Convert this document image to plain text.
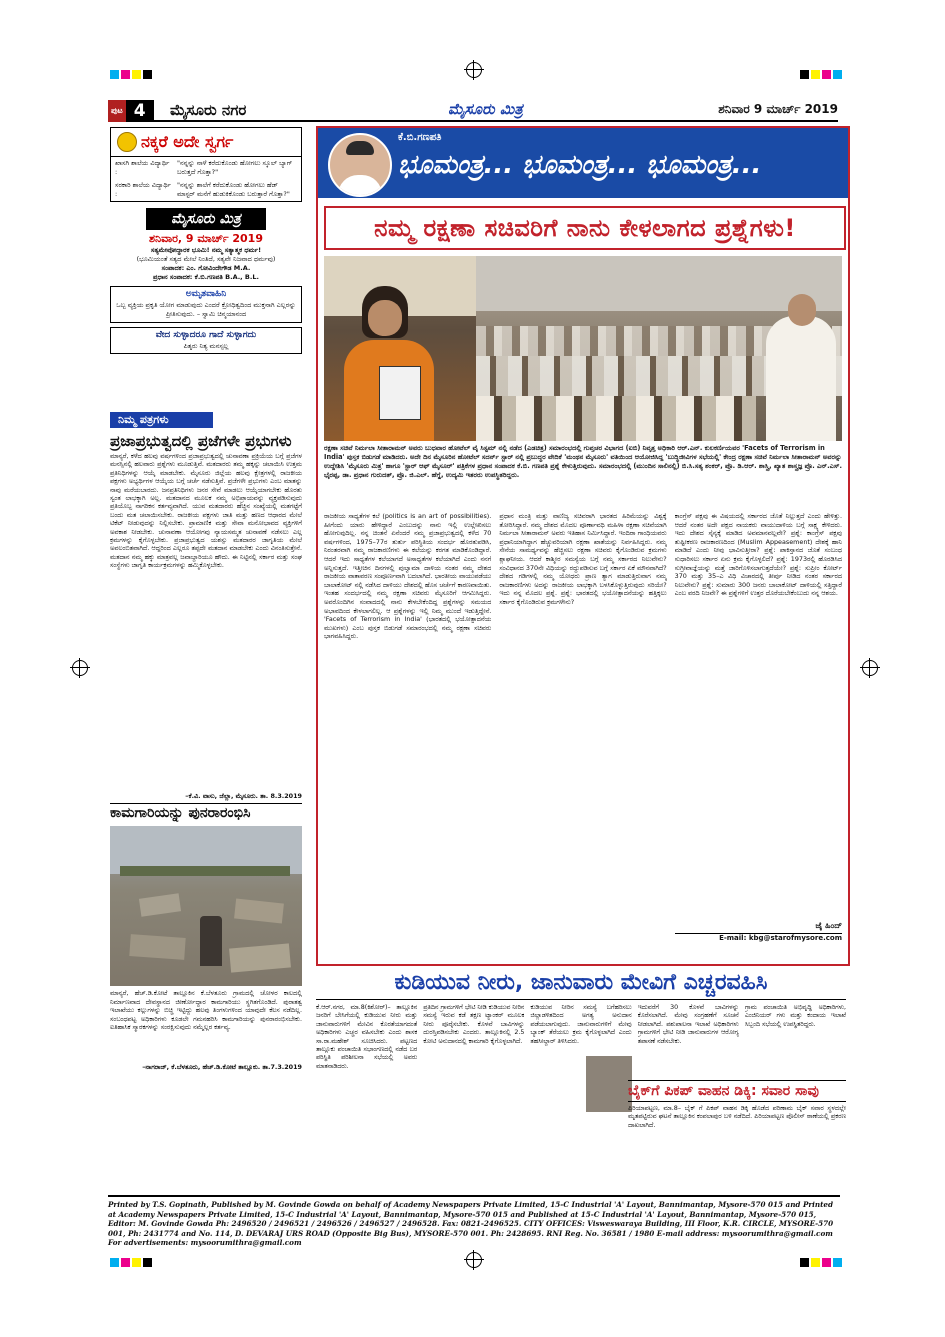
ಪುಟ 4	ಮೈಸೂರು ನಗರ	ಮೈಸೂರು ಮಿತ್ರ	ಶನಿವಾರ 9 ಮಾರ್ಚ್ 2019
ನಕ್ಕರೆ ಅದೇ ಸ್ವರ್ಗ
ಖಾಸಗಿ ಶಾಲೆಯ ವಿದ್ಯಾರ್ಥಿ :
"ನನ್ನನ್ನು ನಾಳೆ ಕರೆದುಕೊಂಡು ಹೋಗಲು ಸ್ಕೂಲ್ ಬ್ಯಾಗ್ ಬರುತ್ತದೆ ಗೊತ್ತಾ?"
ಸರಕಾರಿ ಶಾಲೆಯ ವಿದ್ಯಾರ್ಥಿ :
"ನನ್ನನ್ನು ಶಾಲೆಗೆ ಕರೆದುಕೊಂಡು ಹೋಗಲು ಹೆಡ್ ಮಾಸ್ಟರ್ ಮನೆಗೆ ಹುಡುಕಿಕೊಂಡು ಬರುತ್ತಾರೆ ಗೊತ್ತಾ?"
ಮೈಸೂರು ಮಿತ್ರ
ಶನಿವಾರ, 9 ಮಾರ್ಚ್ 2019
ಸತ್ಯಮೇವೋದ್ಧಾರಕ ಭೂಮಿ! ನಮ್ಮ ಸತ್ಯಾತ್ಮಕ ಧರ್ಮ!
(ಭೂಮಿಯಂತೆ ಸತ್ಯದ ಮೇಲೆ ನಿಂತಿದೆ, ಸತ್ಯವೇ ನಿಜವಾದ ಧರ್ಮವು)
ಸಂಪಾದಕ: ಎಂ. ಗೋವಿಂದೇಗೌಡ M.A.
ಪ್ರಧಾನ ಸಂಪಾದಕ: ಕೆ.ಬಿ.ಗಣಪತಿ B.A., B.L.
ಅಮೃತವಾಹಿನಿ
ಒಬ್ಬ ವ್ಯಕ್ತಿಯ ಪ್ರಕೃತಿ ಯೋಗ ಮಾಡುವುದು ಎಂದರೆ ಕ್ರೋಧಿತ್ವದಿಂದ ಮುಕ್ತನಾಗಿ ಎಲ್ಲರನ್ನು ಪ್ರೀತಿಸುವುದು. – ಸ್ವಾಮಿ ಚಿನ್ಮಯಾನಂದ
ವೇದ ಸುಳ್ಳಾದರೂ ಗಾದೆ ಸುಳ್ಳಾಗದು
ಪಿತೃರು ನಿತ್ಯ ಮನಸ್ಸಲ್ಲ
ನಿಮ್ಮ ಪತ್ರಗಳು
ಪ್ರಜಾಪ್ರಭುತ್ವದಲ್ಲಿ ಪ್ರಜೆಗಳೇ ಪ್ರಭುಗಳು
ಮಾನ್ಯರೆ, ಕಳೆದ ಹಲವು ವರ್ಷಗಳಿಂದ ಪ್ರಜಾಪ್ರಭುತ್ವದಲ್ಲಿ ಚುನಾವಣಾ ಪ್ರಕ್ರಿಯೆಯ ಬಗ್ಗೆ ಪ್ರಜೆಗಳ ಮನಸ್ಸಿನಲ್ಲಿ ಹಲವಾರು ಪ್ರಶ್ನೆಗಳು ಮೂಡುತ್ತಿವೆ. ಮತದಾರರು ತಮ್ಮ ಹಕ್ಕನ್ನು ಚಲಾಯಿಸಿ ಉತ್ತಮ ಪ್ರತಿನಿಧಿಗಳನ್ನು ಆಯ್ಕೆ ಮಾಡಬೇಕು. ಮೈಸೂರು ಜಿಲ್ಲೆಯ ಹಲವು ಕ್ಷೇತ್ರಗಳಲ್ಲಿ ರಾಜಕೀಯ ಪಕ್ಷಗಳು ಅಭ್ಯರ್ಥಿಗಳ ಆಯ್ಕೆಯ ಬಗ್ಗೆ ಚರ್ಚೆ ನಡೆಸುತ್ತಿವೆ. ಪ್ರಜೆಗಳೇ ಪ್ರಭುಗಳು ಎಂಬ ಮಾತನ್ನು ನಾವು ಮರೆಯಬಾರದು. ಜನಪ್ರತಿನಿಧಿಗಳು ಜನರ ಸೇವೆ ಮಾಡಲು ಆಯ್ಕೆಯಾಗಬೇಕು ಹೊರತು ಸ್ವಂತ ಲಾಭಕ್ಕಾಗಿ ಅಲ್ಲ. ಮತದಾನದ ಮೂಲಕ ನಮ್ಮ ಅಭಿಪ್ರಾಯವನ್ನು ವ್ಯಕ್ತಪಡಿಸುವುದು ಪ್ರತಿಯೊಬ್ಬ ನಾಗರಿಕನ ಕರ್ತವ್ಯವಾಗಿದೆ. ಯುವ ಮತದಾರರು ಹೆಚ್ಚಿನ ಸಂಖ್ಯೆಯಲ್ಲಿ ಮತಗಟ್ಟೆಗೆ ಬಂದು ಮತ ಚಲಾಯಿಸಬೇಕು. ರಾಜಕೀಯ ಪಕ್ಷಗಳು ಜಾತಿ ಮತ್ತು ಹಣದ ಆಧಾರದ ಮೇಲೆ ಟಿಕೆಟ್ ನೀಡುವುದನ್ನು ನಿಲ್ಲಿಸಬೇಕು. ಪ್ರಾಮಾಣಿಕ ಮತ್ತು ಸೇವಾ ಮನೋಭಾವದ ವ್ಯಕ್ತಿಗಳಿಗೆ ಅವಕಾಶ ನೀಡಬೇಕು. ಚುನಾವಣಾ ಆಯೋಗವು ನ್ಯಾಯಸಮ್ಮತ ಚುನಾವಣೆ ನಡೆಸಲು ಎಲ್ಲ ಕ್ರಮಗಳನ್ನು ಕೈಗೊಳ್ಳಬೇಕು. ಪ್ರಜಾಪ್ರಭುತ್ವದ ಯಶಸ್ಸು ಮತದಾರರ ಜಾಗೃತಿಯ ಮೇಲೆ ಅವಲಂಬಿತವಾಗಿದೆ. ಆದ್ದರಿಂದ ಎಲ್ಲರೂ ತಪ್ಪದೇ ಮತದಾನ ಮಾಡಬೇಕು ಎಂದು ವಿನಂತಿಸುತ್ತೇನೆ. ಮತದಾನ ನಮ್ಮ ಹಕ್ಕು ಮಾತ್ರವಲ್ಲ ಜವಾಬ್ದಾರಿಯೂ ಹೌದು. ಈ ನಿಟ್ಟಿನಲ್ಲಿ ಸರ್ಕಾರ ಮತ್ತು ಸಂಘ ಸಂಸ್ಥೆಗಳು ಜಾಗೃತಿ ಕಾರ್ಯಕ್ರಮಗಳನ್ನು ಹಮ್ಮಿಕೊಳ್ಳಬೇಕು.
–ಕೆ.ವಿ. ವಾಸು, ಜೆಲ್ಲಾ, ಮೈಸೂರು. ತಾ. 8.3.2019
ಕಾಮಗಾರಿಯನ್ನು ಪುನರಾರಂಭಿಸಿ
ಮಾನ್ಯರೆ, ಹೆಚ್.ಡಿ.ಕೋಟೆ ತಾಲ್ಲೂಕಿನ ಕೆ.ಬೆಳತೂರು ಗ್ರಾಮದಲ್ಲಿ ಚೋಳರ ಕಾಲದಲ್ಲಿ ನಿರ್ಮಾಣವಾದ ದೇವಸ್ಥಾನದ ಜೀರ್ಣೋದ್ಧಾರ ಕಾಮಗಾರಿಯು ಸ್ಥಗಿತಗೊಂಡಿದೆ. ಪುರಾತತ್ವ ಇಲಾಖೆಯು ಕಲ್ಲುಗಳನ್ನು ಬಿಚ್ಚಿ ಇಟ್ಟಿದ್ದು ಹಲವು ತಿಂಗಳುಗಳಿಂದ ಯಾವುದೇ ಕೆಲಸ ನಡೆದಿಲ್ಲ. ಸಂಬಂಧಪಟ್ಟ ಅಧಿಕಾರಿಗಳು ಕೂಡಲೇ ಗಮನಹರಿಸಿ ಕಾಮಗಾರಿಯನ್ನು ಪುನರಾರಂಭಿಸಬೇಕು. ಐತಿಹಾಸಿಕ ಸ್ಮಾರಕಗಳನ್ನು ಸಂರಕ್ಷಿಸುವುದು ನಮ್ಮೆಲ್ಲರ ಕರ್ತವ್ಯ.
–ನಾಗರಾಜ್, ಕೆ.ಬೆಳತೂರು, ಹೆಚ್.ಡಿ.ಕೋಟೆ ತಾಲ್ಲೂಕು. ತಾ.7.3.2019
ಕೆ.ಬಿ.ಗಣಪತಿ
ಭೂಮಂತ್ರ... ಭೂಮಂತ್ರ... ಭೂಮಂತ್ರ...
ನಮ್ಮ ರಕ್ಷಣಾ ಸಚಿವರಿಗೆ ನಾನು ಕೇಳಲಾಗದ ಪ್ರಶ್ನೆಗಳು!
ರಕ್ಷಣಾ ಸಚಿವೆ ನಿರ್ಮಲಾ ಸೀತಾರಾಮನ್ ಅವರು ಬುಧವಾರ ಹೋಟೆಲ್ ವೈ ಸಿಸ್ಟಮ್ ನಲ್ಲಿ ನಡೆದ (ಎಡಚಿತ್ರ) ಸಮಾರಂಭದಲ್ಲಿ ಗುಪ್ತಚರ ವಿಭಾಗದ (ಐಬಿ) ನಿವೃತ್ತ ಅಧಿಕಾರಿ ಆರ್.ಎನ್. ಕುಲಕರ್ಣಿಯವರ 'Facets of Terrorism in India' ಪುಸ್ತಕ ಬಿಡುಗಡೆ ಮಾಡಿದರು. ಅದೇ ದಿನ ಮೈಸೂರಿನ ಹೋಟೆಲ್ ಸದರ್ನ್ ಸ್ಟಾರ್ ನಲ್ಲಿ ಪ್ರಬುದ್ಧರ ವೇದಿಕೆ 'ಮಂಥನ ಮೈಸೂರು' ವತಿಯಿಂದ ಆಯೋಜಿಸಿದ್ದ 'ಬುದ್ಧಿಜೀವಿಗಳ ಸಭೆಯಲ್ಲಿ' ಕೇಂದ್ರ ರಕ್ಷಣಾ ಸಚಿವೆ ನಿರ್ಮಲಾ ಸೀತಾರಾಮನ್ ಅವರನ್ನು ಉದ್ದೇಶಿಸಿ 'ಮೈಸೂರು ಮಿತ್ರ' ಹಾಗೂ 'ಸ್ಟಾರ್ ಆಫ್ ಮೈಸೂರ್' ಪತ್ರಿಕೆಗಳ ಪ್ರಧಾನ ಸಂಪಾದಕ ಕೆ.ಬಿ. ಗಣಪತಿ ಪ್ರಶ್ನೆ ಕೇಳುತ್ತಿರುವುದು. ಸಮಾರಂಭದಲ್ಲಿ (ಮುಂದಿನ ಸಾಲಿನಲ್ಲಿ) ಬಿ.ಸಿ.ಸತ್ಯ ಶಂಕರ್, ಪ್ರೊ. ಡಿ.ಆರ್. ಶಾಸ್ತ್ರಿ, ಖ್ಯಾತ ಶಾಸ್ತ್ರಜ್ಞ ಪ್ರೊ. ಎನ್.ಎಸ್. ಭೈರಪ್ಪ, ಡಾ. ಪ್ರಧಾನ ಗುರುದತ್, ಪ್ರೊ. ಜಿ.ಎಲ್. ಹೆಗ್ಡೆ, ಉದ್ಯಮಿ ಇತರರು ಉಪಸ್ಥಿತರಿದ್ದರು.
ರಾಜಕೀಯ ಸಾಧ್ಯತೆಗಳ ಕಲೆ (politics is an art of possibilities). ಹೀಗೆಂದು ಯಾರು ಹೇಳಿದ್ದಾರೆ ಎಂಬುದನ್ನು ನಾನು ಇಲ್ಲಿ ಉಲ್ಲೇಖಿಸಲು ಹೋಗುವುದಿಲ್ಲ. ನನ್ನ ಚಿಂತನೆ ಏನೆಂದರೆ ನಮ್ಮ ಪ್ರಜಾಪ್ರಭುತ್ವದಲ್ಲಿ ಕಳೆದ 70 ವರ್ಷಗಳಿಂದ, 1975–77ರ ತುರ್ತು ಪರಿಸ್ಥಿತಿಯ ಸಂದರ್ಭ ಹೊರತುಪಡಿಸಿ, ನಿರಂತರವಾಗಿ ನಮ್ಮ ರಾಜಕಾರಣಿಗಳು ಈ ಕಲೆಯನ್ನು ಕರಗತ ಮಾಡಿಕೊಂಡಿದ್ದಾರೆ. ಆದರೆ ಇದು ಸಾಧ್ಯತೆಗಳ ಕಲೆಯಾಗದೆ ಅಸಾಧ್ಯತೆಗಳ ಕಲೆಯಾಗಿದೆ ಎಂದು ನನಗೆ ಅನ್ನಿಸುತ್ತದೆ. ಇತ್ತೀಚಿನ ದಿನಗಳಲ್ಲಿ ಪುಲ್ವಾಮಾ ದಾಳಿಯ ನಂತರ ನಮ್ಮ ದೇಶದ ರಾಜಕೀಯ ವಾತಾವರಣ ಸಂಪೂರ್ಣವಾಗಿ ಬದಲಾಗಿದೆ. ಭಾರತೀಯ ವಾಯುಪಡೆಯು ಬಾಲಾಕೋಟ್ ನಲ್ಲಿ ನಡೆಸಿದ ದಾಳಿಯು ದೇಶದಲ್ಲಿ ಹೊಸ ಚರ್ಚೆಗೆ ಕಾರಣವಾಯಿತು. ಇಂತಹ ಸಂದರ್ಭದಲ್ಲಿ ನಮ್ಮ ರಕ್ಷಣಾ ಸಚಿವರು ಮೈಸೂರಿಗೆ ಆಗಮಿಸಿದ್ದರು. ಅವರೊಂದಿಗಿನ ಸಂವಾದದಲ್ಲಿ ನಾನು ಕೇಳಬೇಕೆಂದಿದ್ದ ಪ್ರಶ್ನೆಗಳನ್ನು ಸಮಯದ ಅಭಾವದಿಂದ ಕೇಳಲಾಗಲಿಲ್ಲ. ಆ ಪ್ರಶ್ನೆಗಳನ್ನು ಇಲ್ಲಿ ನಿಮ್ಮ ಮುಂದೆ ಇಡುತ್ತಿದ್ದೇನೆ. 'Facets of Terrorism in India' (ಭಾರತದಲ್ಲಿ ಭಯೋತ್ಪಾದನೆಯ ಮುಖಗಳು) ಎಂಬ ಪುಸ್ತಕ ಬಿಡುಗಡೆ ಸಮಾರಂಭದಲ್ಲಿ ನಮ್ಮ ರಕ್ಷಣಾ ಸಚಿವರು ಭಾಗವಹಿಸಿದ್ದರು.
ಪ್ರಧಾನ ಮಂತ್ರಿ ಮತ್ತು ವಾಣಿಜ್ಯ ಸಚಿವರಾಗಿ ಭಾರತದ ಹಿರಿಮೆಯನ್ನು ವಿಶ್ವಕ್ಕೆ ತೋರಿಸಿದ್ದಾರೆ. ನಮ್ಮ ದೇಶದ ಮೊದಲ ಪೂರ್ಣಾವಧಿ ಮಹಿಳಾ ರಕ್ಷಣಾ ಸಚಿವೆಯಾಗಿ ನಿರ್ಮಲಾ ಸೀತಾರಾಮನ್ ಅವರು ಇತಿಹಾಸ ನಿರ್ಮಿಸಿದ್ದಾರೆ. ಇಂದಿರಾ ಗಾಂಧಿಯವರು ಪ್ರಧಾನಿಯಾಗಿದ್ದಾಗ ಹೆಚ್ಚುವರಿಯಾಗಿ ರಕ್ಷಣಾ ಖಾತೆಯನ್ನು ನಿರ್ವಹಿಸಿದ್ದರು. ನಮ್ಮ ಸೇನೆಯ ಸಾಮರ್ಥ್ಯವನ್ನು ಹೆಚ್ಚಿಸಲು ರಕ್ಷಣಾ ಸಚಿವರು ಕೈಗೊಂಡಿರುವ ಕ್ರಮಗಳು ಶ್ಲಾಘನೀಯ. ಆದರೆ ಕಾಶ್ಮೀರ ಸಮಸ್ಯೆಯ ಬಗ್ಗೆ ನಮ್ಮ ಸರ್ಕಾರದ ನಿಲುವೇನು? ಸಂವಿಧಾನದ 370ನೇ ವಿಧಿಯನ್ನು ರದ್ದುಪಡಿಸುವ ಬಗ್ಗೆ ಸರ್ಕಾರ ಏಕೆ ಮೌನವಾಗಿದೆ? ದೇಶದ ಗಡಿಗಳಲ್ಲಿ ನಮ್ಮ ಯೋಧರು ಪ್ರಾಣ ತ್ಯಾಗ ಮಾಡುತ್ತಿರುವಾಗ ನಮ್ಮ ರಾಜಕಾರಣಿಗಳು ಅದನ್ನು ರಾಜಕೀಯ ಲಾಭಕ್ಕಾಗಿ ಬಳಸಿಕೊಳ್ಳುತ್ತಿರುವುದು ಸರಿಯೇ? ಇದು ನನ್ನ ಮೊದಲ ಪ್ರಶ್ನೆ. ಪ್ರಶ್ನೆ: ಭಾರತದಲ್ಲಿ ಭಯೋತ್ಪಾದನೆಯನ್ನು ಹತ್ತಿಕ್ಕಲು ಸರ್ಕಾರ ಕೈಗೊಂಡಿರುವ ಕ್ರಮಗಳೇನು?
ಕಾಂಗ್ರೆಸ್ ಪಕ್ಷವು ಈ ವಿಷಯದಲ್ಲಿ ಸರ್ಕಾರದ ಜೊತೆ ನಿಲ್ಲುತ್ತದೆ ಎಂದು ಹೇಳಿತ್ತು. ಆದರೆ ನಂತರ ಅದೇ ಪಕ್ಷದ ನಾಯಕರು ವಾಯುದಾಳಿಯ ಬಗ್ಗೆ ಸಾಕ್ಷ್ಯ ಕೇಳಿದರು. ಇದು ದೇಶದ ಸೈನ್ಯಕ್ಕೆ ಮಾಡಿದ ಅವಮಾನವಲ್ಲವೇ? ಪ್ರಶ್ನೆ: ಕಾಂಗ್ರೆಸ್ ಪಕ್ಷವು ತುಷ್ಟೀಕರಣ ರಾಜಕಾರಣದಿಂದ (Muslim Appeasement) ದೇಶಕ್ಕೆ ಹಾನಿ ಮಾಡಿದೆ ಎಂದು ನೀವು ಭಾವಿಸುತ್ತೀರಾ? ಪ್ರಶ್ನೆ: ಪಾಕಿಸ್ತಾನದ ಜೊತೆ ಸಂಬಂಧ ಸುಧಾರಿಸಲು ಸರ್ಕಾರ ಏನು ಕ್ರಮ ಕೈಗೊಳ್ಳಲಿದೆ? ಪ್ರಶ್ನೆ: 1973ರಲ್ಲಿ ಹೊರಡಿಸಿದ ಸುಗ್ರೀವಾಜ್ಞೆಯನ್ನು ಮತ್ತೆ ಜಾರಿಗೊಳಿಸಲಾಗುತ್ತದೆಯೇ? ಪ್ರಶ್ನೆ: ಸುಪ್ರೀಂ ಕೋರ್ಟ್ 370 ಮತ್ತು 35–ಎ ವಿಧಿ ವಿಚಾರದಲ್ಲಿ ತೀರ್ಪು ನೀಡಿದ ನಂತರ ಸರ್ಕಾರದ ನಿಲುವೇನು? ಪ್ರಶ್ನೆ: ಸುಮಾರು 300 ಜನರು ಬಾಲಾಕೋಟ್ ದಾಳಿಯಲ್ಲಿ ಸತ್ತಿದ್ದಾರೆ ಎಂಬ ವರದಿ ನಿಜವೇ? ಈ ಪ್ರಶ್ನೆಗಳಿಗೆ ಉತ್ತರ ದೊರೆಯಬೇಕೆಂಬುದು ನನ್ನ ಆಶಯ.
ಜೈ ಹಿಂದ್
E-mail: kbg@starofmysore.com
ಕುಡಿಯುವ ನೀರು, ಜಾನುವಾರು ಮೇವಿಗೆ ಎಚ್ಚರವಹಿಸಿ
ಕೆ.ಆರ್.ನಗರ, ಮಾ.8(ಕಿಶೋರ್)– ತಾಲ್ಲೂಕಿನ ಜನರಿಗೆ ಬೇಸಿಗೆಯಲ್ಲಿ ಕುಡಿಯುವ ನೀರು ಮತ್ತು ಜಾನುವಾರುಗಳಿಗೆ ಮೇವಿನ ಕೊರತೆಯಾಗದಂತೆ ಅಧಿಕಾರಿಗಳು ಎಚ್ಚರ ವಹಿಸಬೇಕು ಎಂದು ಶಾಸಕ ಸಾ.ರಾ.ಮಹೇಶ್ ಸೂಚಿಸಿದರು. ಪಟ್ಟಣದ ತಾಲ್ಲೂಕು ಪಂಚಾಯಿತಿ ಸಭಾಂಗಣದಲ್ಲಿ ನಡೆದ ಬರ ಪರಿಸ್ಥಿತಿ ಪರಿಶೀಲನಾ ಸಭೆಯಲ್ಲಿ ಅವರು ಮಾತನಾಡಿದರು.
ಪ್ರತಿದಿನ ಗ್ರಾಮಗಳಿಗೆ ಭೇಟಿ ನೀಡಿ ಕುಡಿಯುವ ನೀರಿನ ಸಮಸ್ಯೆ ಇರುವ ಕಡೆ ತಕ್ಷಣ ಟ್ಯಾಂಕರ್ ಮೂಲಕ ನೀರು ಪೂರೈಸಬೇಕು. ಕೊಳವೆ ಬಾವಿಗಳನ್ನು ದುರಸ್ತಿಪಡಿಸಬೇಕು ಎಂದರು. ತಾಲ್ಲೂಕಿನಲ್ಲಿ 2.5 ಕೋಟಿ ಅನುದಾನದಲ್ಲಿ ಕಾಮಗಾರಿ ಕೈಗೊಳ್ಳಲಾಗಿದೆ.
ಕುಡಿಯುವ ನೀರಿನ ಸಮಸ್ಯೆ ಬಗೆಹರಿಸಲು ಜಿಲ್ಲಾಡಳಿತದಿಂದ ಅಗತ್ಯ ಅನುದಾನ ಪಡೆಯಲಾಗುವುದು. ಜಾನುವಾರುಗಳಿಗೆ ಮೇವು ಬ್ಯಾಂಕ್ ತೆರೆಯಲು ಕ್ರಮ ಕೈಗೊಳ್ಳಲಾಗಿದೆ ಎಂದು ತಹಸೀಲ್ದಾರ್ ತಿಳಿಸಿದರು.
ಇದುವರೆಗೆ 30 ಕೊಳವೆ ಬಾವಿಗಳನ್ನು ಕೊರೆಸಲಾಗಿದೆ. ಮೇವು ಸಂಗ್ರಹಣೆಗೆ ಸೂಚನೆ ನೀಡಲಾಗಿದೆ. ಪಶುಪಾಲನಾ ಇಲಾಖೆ ಅಧಿಕಾರಿಗಳು ಗ್ರಾಮಗಳಿಗೆ ಭೇಟಿ ನೀಡಿ ಜಾನುವಾರುಗಳ ಆರೋಗ್ಯ ತಪಾಸಣೆ ನಡೆಸಬೇಕು.
ಗ್ರಾಮ ಪಂಚಾಯಿತಿ ಅಭಿವೃದ್ಧಿ ಅಧಿಕಾರಿಗಳು, ಎಂಜಿನಿಯರ್ ಗಳು ಮತ್ತು ಕಂದಾಯ ಇಲಾಖೆ ಸಿಬ್ಬಂದಿ ಸಭೆಯಲ್ಲಿ ಉಪಸ್ಥಿತರಿದ್ದರು.
ಬೈಕ್‌ಗೆ ಪಿಕಪ್ ವಾಹನ ಡಿಕ್ಕಿ: ಸವಾರ ಸಾವು
ಪಿರಿಯಾಪಟ್ಟಣ, ಮಾ.8– ಬೈಕ್ ಗೆ ಪಿಕಪ್ ವಾಹನ ಡಿಕ್ಕಿ ಹೊಡೆದ ಪರಿಣಾಮ ಬೈಕ್ ಸವಾರ ಸ್ಥಳದಲ್ಲೇ ಮೃತಪಟ್ಟಿರುವ ಘಟನೆ ತಾಲ್ಲೂಕಿನ ಕಂಪಲಾಪುರ ಬಳಿ ನಡೆದಿದೆ. ಪಿರಿಯಾಪಟ್ಟಣ ಪೊಲೀಸ್ ಠಾಣೆಯಲ್ಲಿ ಪ್ರಕರಣ ದಾಖಲಾಗಿದೆ.
Printed by T.S. Gopinath, Published by M. Govinde Gowda on behalf of Academy Newspapers Private Limited, 15-C Industrial 'A' Layout, Bannimantap, Mysore-570 015 and Printed at Academy Newspapers Private Limited, 15-C Industrial 'A' Layout, Bannimantap, Mysore-570 015 and Published at 15-C Industrial 'A' Layout, Bannimantap, Mysore-570 015, Editor: M. Govinde Gowda Ph: 2496520 / 2496521 / 2496526 / 2496527 / 2496528. Fax: 0821-2496525. CITY OFFICES: Visweswaraya Building, III Floor, K.R. CIRCLE, MYSORE-570 001, Ph: 2431774 and No. 114, D. DEVARAJ URS ROAD (Opposite Big Bus), MYSORE-570 001. Ph: 2428695. RNI Reg. No. 36581 / 1980 E-mail address: mysoorumithra@gmail.com For advertisements: mysoorumithra@gmail.com
